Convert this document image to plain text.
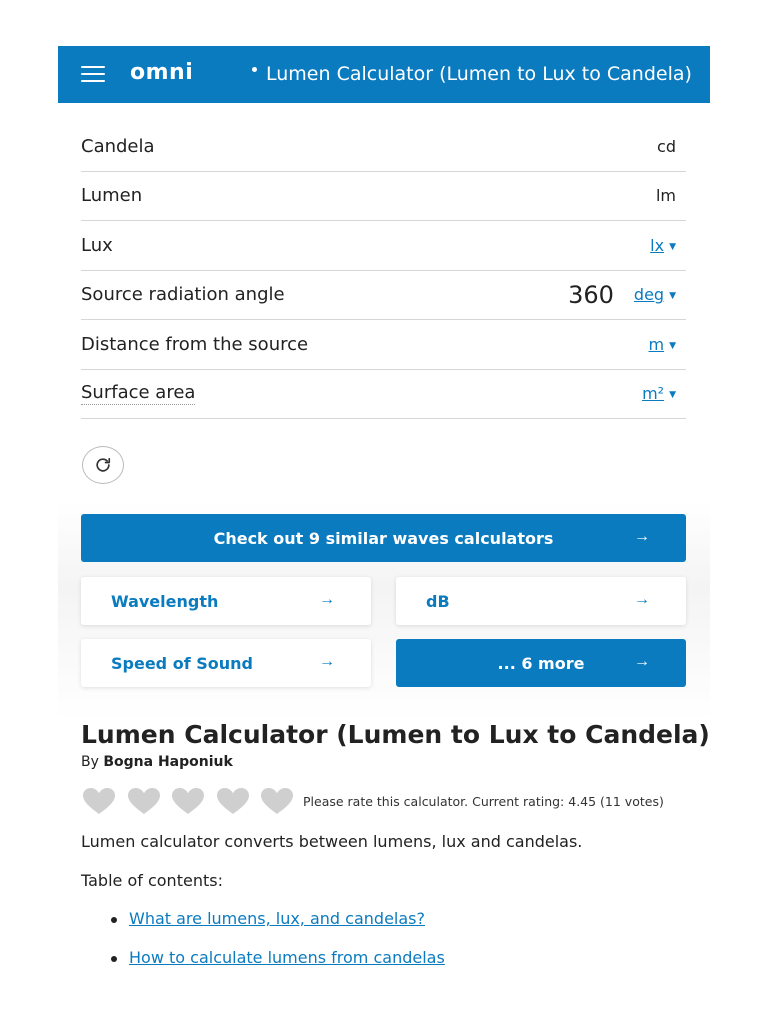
omni	Lumen Calculator (Lumen to Lux to Candela)
Candela	cd
Lumen	lm
Lux	lx ▼
Source radiation angle	360 deg ▼
Distance from the source	m ▼
Surface area	m² ▼
Check out 9 similar waves calculators	→
Wavelength	→	dB	→
Speed of Sound	→	... 6 more	→
Lumen Calculator (Lumen to Lux to Candela)
By Bogna Haponiuk
Please rate this calculator. Current rating: 4.45 (11 votes)
Lumen calculator converts between lumens, lux and candelas.
Table of contents:
What are lumens, lux, and candelas?
How to calculate lumens from candelas
